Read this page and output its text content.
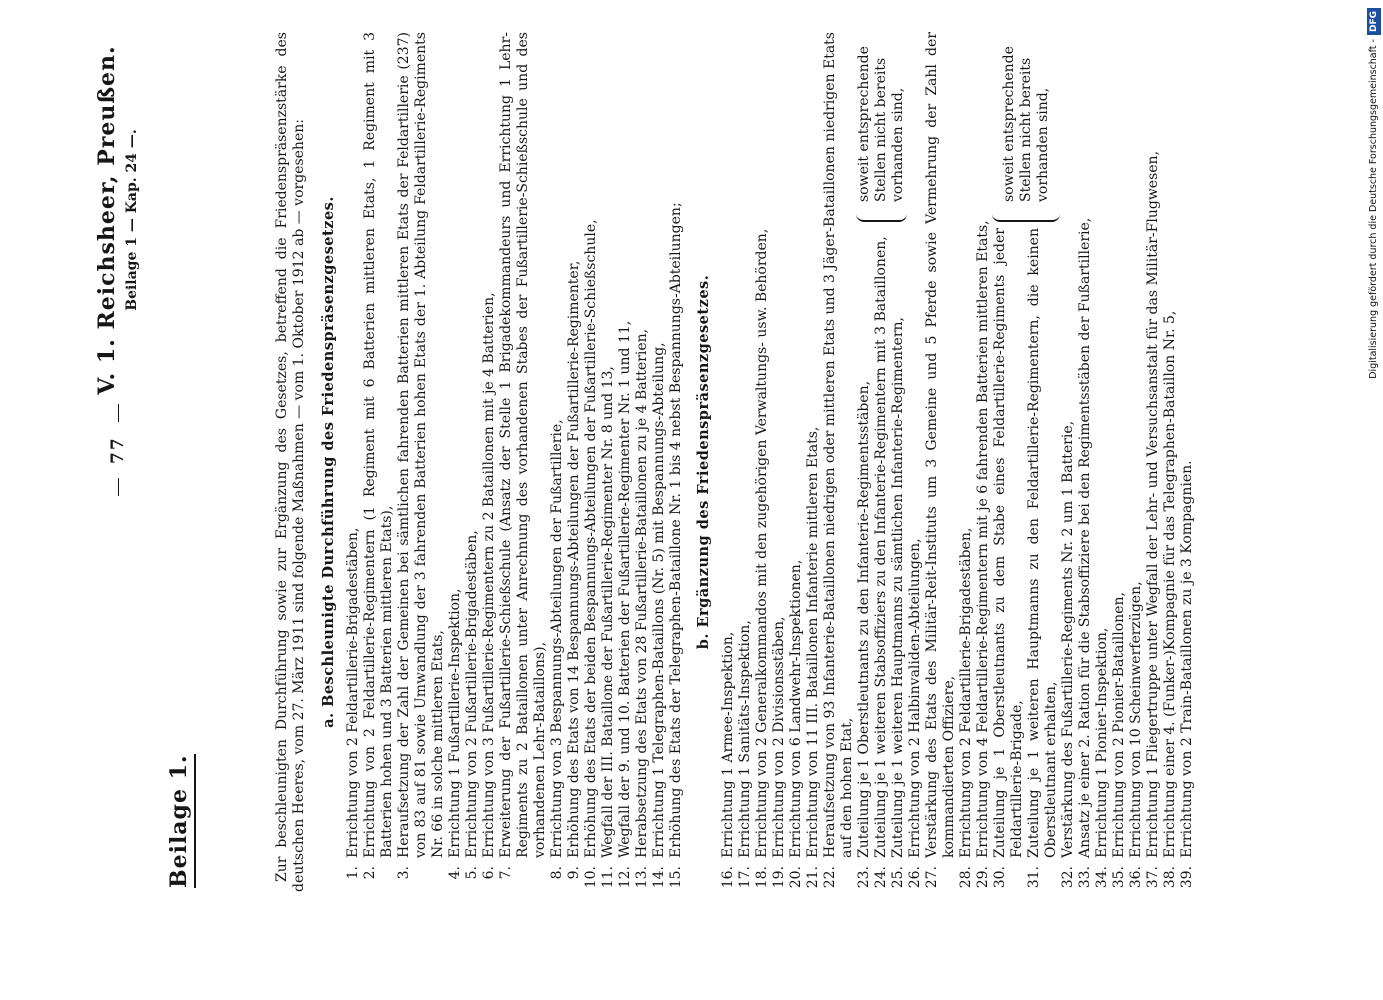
77
V. 1. Reichsheer, Preußen. Beilage 1 — Kap. 24 —.
Beilage 1.	Zur beschleunigten Durchführung sowie zur Ergänzung des Gesetzes, betreffend die Friedenspräsenzstärke des deutschen Heeres, vom 27. März 1911 sind folgende Maßnahmen — vom 1. Oktober 1912 ab — vorgesehen: a. Beschleunigte Durchführung des Friedenspräsenzgesetzes.
1.
Errichtung von 2 Feldartillerie-Brigadestäben,
2.
Errichtung von 2 Feldartillerie-Regimentern (1 Regiment mit 6 Batterien mittleren Etats, 1 Regiment mit 3 Batterien hohen und 3 Batterien mittleren Etats),
3.
Heraufsetzung der Zahl der Gemeinen bei sämtlichen fahrenden Batterien mittleren Etats der Feldartillerie (237) von 83 auf 81 sowie Umwandlung der 3 fahrenden Batterien hohen Etats der 1. Abteilung Feldartillerie-Regiments Nr. 66 in solche mittleren Etats,
4.
Errichtung 1 Fußartillerie-Inspektion,
5.
Errichtung von 2 Fußartillerie-Brigadestäben,
6.
Errichtung von 3 Fußartillerie-Regimentern zu 2 Bataillonen mit je 4 Batterien,
7.
Erweiterung der Fußartillerie-Schießschule (Ansatz der Stelle 1 Brigadekommandeurs und Errichtung 1 Lehr-Regiments zu 2 Bataillonen unter Anrechnung des vorhandenen Stabes der Fußartillerie-Schießschule und des vorhandenen Lehr-Bataillons),
8.
Errichtung von 3 Bespannungs-Abteilungen der Fußartillerie,
9.
Erhöhung des Etats von 14 Bespannungs-Abteilungen der Fußartillerie-Regimenter,
10.
Erhöhung des Etats der beiden Bespannungs-Abteilungen der Fußartillerie-Schießschule,
11.
Wegfall der III. Bataillone der Fußartillerie-Regimenter Nr. 8 und 13,
12.
Wegfall der 9. und 10. Batterien der Fußartillerie-Regimenter Nr. 1 und 11,
13.
Herabsetzung des Etats von 28 Fußartillerie-Bataillonen zu je 4 Batterien,
14.
Errichtung 1 Telegraphen-Bataillons (Nr. 5) mit Bespannungs-Abteilung,
15.
Erhöhung des Etats der Telegraphen-Bataillone Nr. 1 bis 4 nebst Bespannungs-Abteilungen; b. Ergänzung des Friedenspräsenzgesetzes.
16.
Errichtung 1 Armee-Inspektion,
17.
Errichtung 1 Sanitäts-Inspektion,
18.
Errichtung von 2 Generalkommandos mit den zugehörigen Verwaltungs- usw. Behörden,
19.
Errichtung von 2 Divisionsstäben,
20.
Errichtung von 6 Landwehr-Inspektionen,
21.
Errichtung von 11 III. Bataillonen Infanterie mittleren Etats,
22.
Heraufsetzung von 93 Infanterie-Bataillonen niedrigen oder mittleren Etats und 3 Jäger-Bataillonen niedrigen Etats auf den hohen Etat,
23.
Zuteilung je 1 Oberstleutnants zu den Infanterie-Regimentsstäben,
24.
Zuteilung je 1 weiteren Stabsoffiziers zu den Infanterie-Regimentern mit 3 Bataillonen,
25.
Zuteilung je 1 weiteren Hauptmanns zu sämtlichen Infanterie-Regimentern,
soweit entsprechende Stellen nicht bereits vorhanden sind,
26.
Errichtung von 2 Halbinvaliden-Abteilungen,
27.
Verstärkung des Etats des Militär-Reit-Instituts um 3 Gemeine und 5 Pferde sowie Vermehrung der Zahl der kommandierten Offiziere,
28.
Errichtung von 2 Feldartillerie-Brigadestäben,
29.
Errichtung von 4 Feldartillerie-Regimentern mit je 6 fahrenden Batterien mittleren Etats,
30.
Zuteilung je 1 Oberstleutnants zu dem Stabe eines Feldartillerie-Regiments jeder Feldartillerie-Brigade,
31.
Zuteilung je 1 weiteren Hauptmanns zu den Feldartillerie-Regimentern, die keinen Oberstleutnant erhalten,
soweit entsprechende Stellen nicht bereits vorhanden sind,
32.
Verstärkung des Fußartillerie-Regiments Nr. 2 um 1 Batterie,
33.
Ansatz je einer 2. Ration für die Stabsoffiziere bei den Regimentsstäben der Fußartillerie,
34.
Errichtung 1 Pionier-Inspektion,
35.
Errichtung von 2 Pionier-Bataillonen,
36.
Errichtung von 10 Scheinwerferzügen,
37.
Errichtung 1 Fliegertruppe unter Wegfall der Lehr- und Versuchsanstalt für das Militär-Flugwesen,
38.
Errichtung einer 4. (Funker-)Kompagnie für das Telegraphen-Bataillon Nr. 5,
39.
Errichtung von 2 Train-Bataillonen zu je 3 Kompagnien.
Digitalisierung gefördert durch die Deutsche Forschungsgemeinschaft -DFG
